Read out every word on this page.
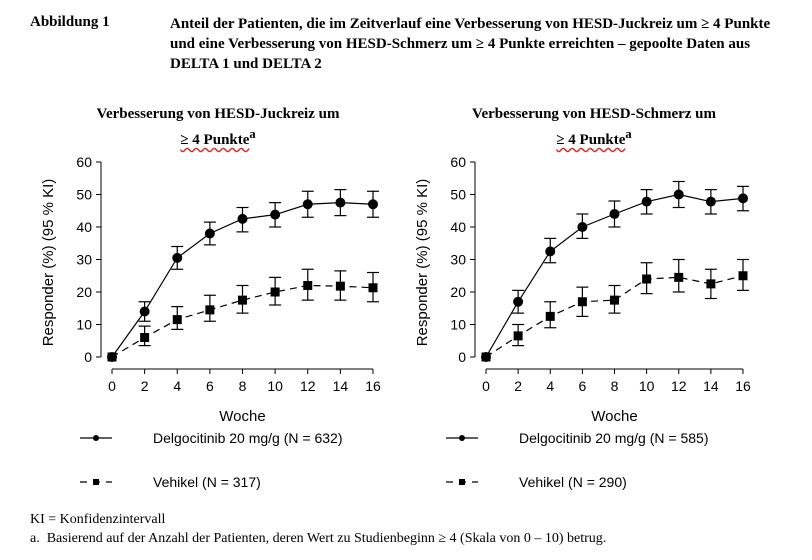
Abbildung 1	Anteil der Patienten, die im Zeitverlauf eine Verbesserung von HESD-Juckreiz um ≥ 4 Punkte und eine Verbesserung von HESD-Schmerz um ≥ 4 Punkte erreichten – gepoolte Daten aus DELTA 1 und DELTA 2
Verbesserung von HESD-Juckreiz um
≥ 4 Punkte$^a$
Verbesserung von HESD-Schmerz um
≥ 4 Punkte$^a$
0
10
20
30
40
50
60
0 2 4 6 8 10 12 14 16
Woche
Responder (%) (95 % KI)
Delgocitinib 20 mg/g (N = 632)
Vehikel (N = 317)
0
10
20
30
40
50
60
0 2 4 6 8 10 12 14 16
Woche
Responder (%) (95 % KI)
Delgocitinib 20 mg/g (N = 585)
Vehikel (N = 290)
KI = Konfidenzintervall
a. Basierend auf der Anzahl der Patienten, deren Wert zu Studienbeginn ≥ 4 (Skala von 0 – 10) betrug.
